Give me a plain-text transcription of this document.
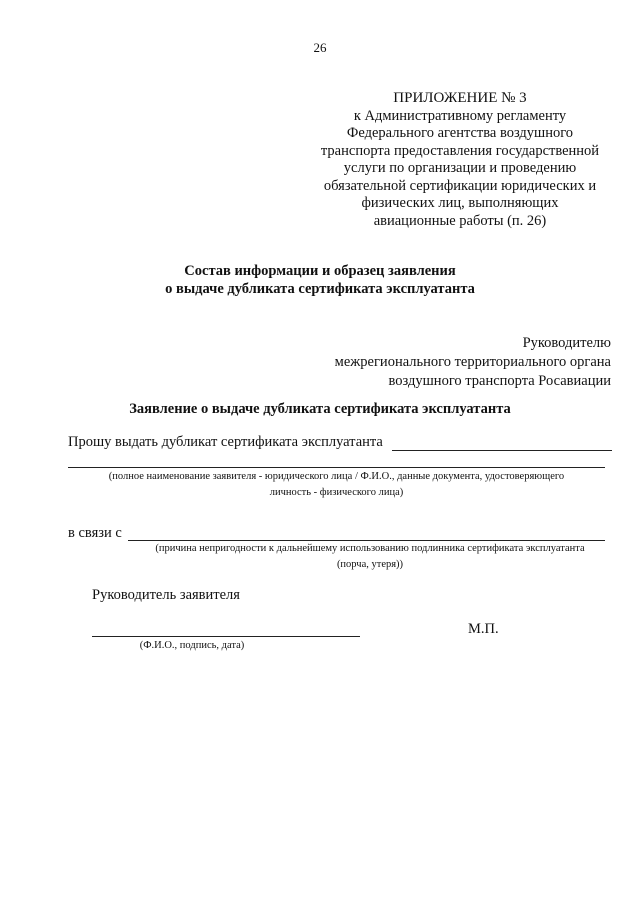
26
ПРИЛОЖЕНИЕ № 3
к Административному регламенту
Федерального агентства воздушного
транспорта предоставления государственной
услуги по организации и проведению
обязательной сертификации юридических и
физических лиц, выполняющих
авиационные работы (п. 26)
Состав информации и образец заявления
о выдаче дубликата сертификата эксплуатанта
Руководителю
межрегионального территориального органа
воздушного транспорта Росавиации
Заявление о выдаче дубликата сертификата эксплуатанта
Прошу выдать дубликат сертификата эксплуатанта
(полное наименование заявителя - юридического лица / Ф.И.О., данные документа, удостоверяющего
личность - физического лица)
в связи с
(причина непригодности к дальнейшему использованию подлинника сертификата эксплуатанта
(порча, утеря))
Руководитель заявителя
М.П.
(Ф.И.О., подпись, дата)
